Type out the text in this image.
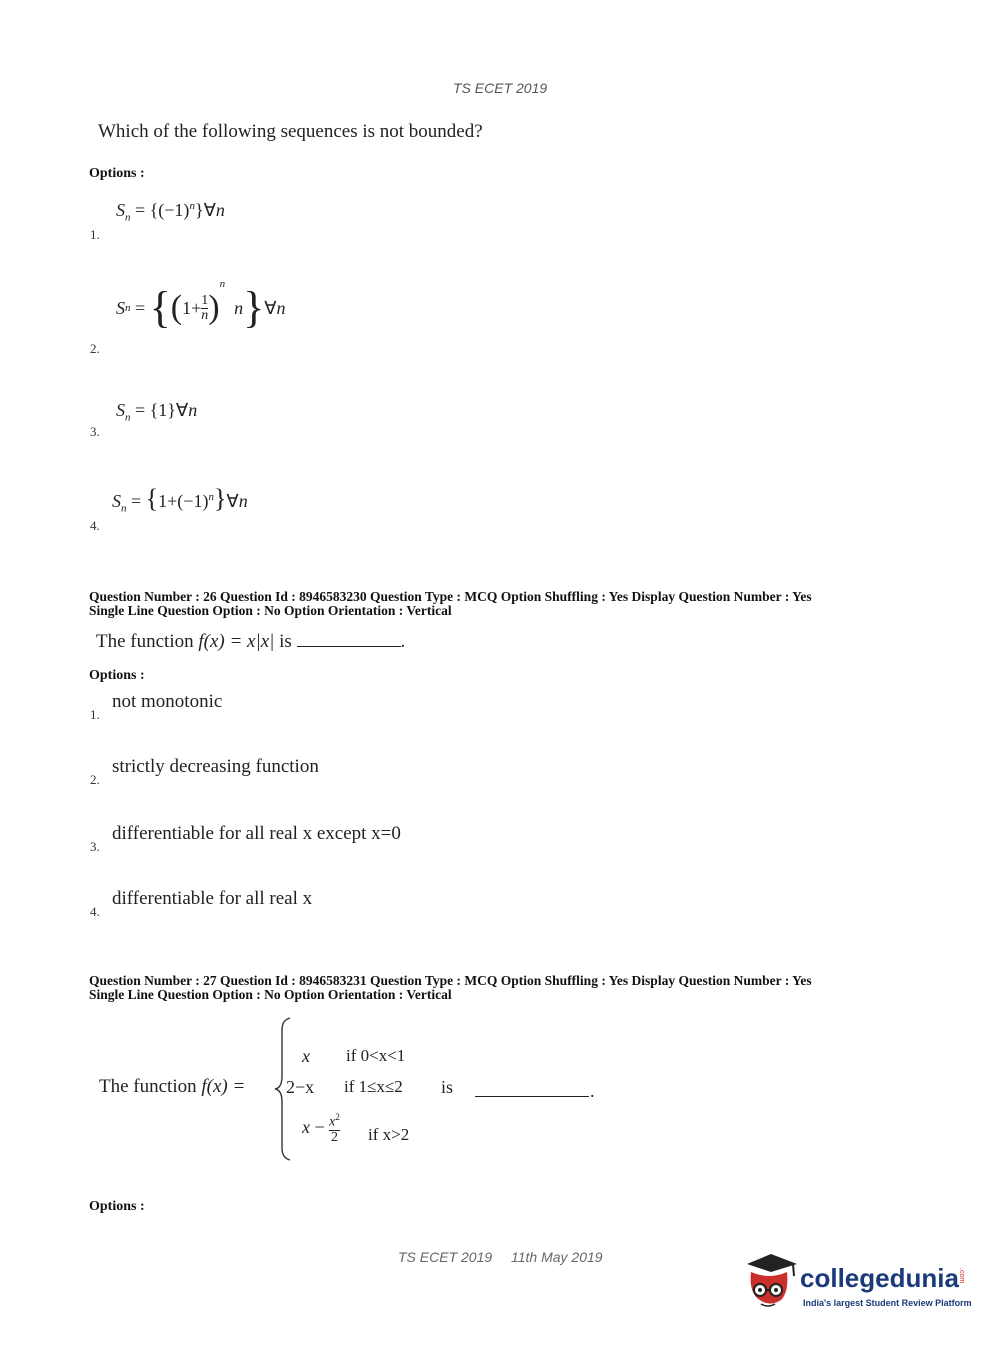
TS ECET 2019
Which of the following sequences is not bounded?
Options :
1.
$S_n$ = $\{(-1)^n\}\forall n$
2.
S n = { ( $1+ \frac{1}{n}$ )
n

n } ∀ n
3.
$S_n$ = {1}∀n
4.
$S_n$ = $\{1+(-1)^n\}\forall n$
Question Number : 26 Question Id : 8946583230 Question Type : MCQ Option Shuffling : Yes Display Question Number : Yes
Single Line Question Option : No Option Orientation : Vertical
The function f(x) = x|x| is	.
Options :
1.
not monotonic
2.
strictly decreasing function
3.
differentiable for all real x except x=0
4.
differentiable for all real x
Question Number : 27 Question Id : 8946583231 Question Type : MCQ Option Shuffling : Yes Display Question Number : Yes
Single Line Question Option : No Option Orientation : Vertical
The function f(x) =
x if 0<x<1
2−x if 1≤x≤2
$x - \frac{x^2}{2}$ if x>2
is	.
Options :
TS ECET 2019 11th May 2019
collegedunia .com
India's largest Student Review Platform
